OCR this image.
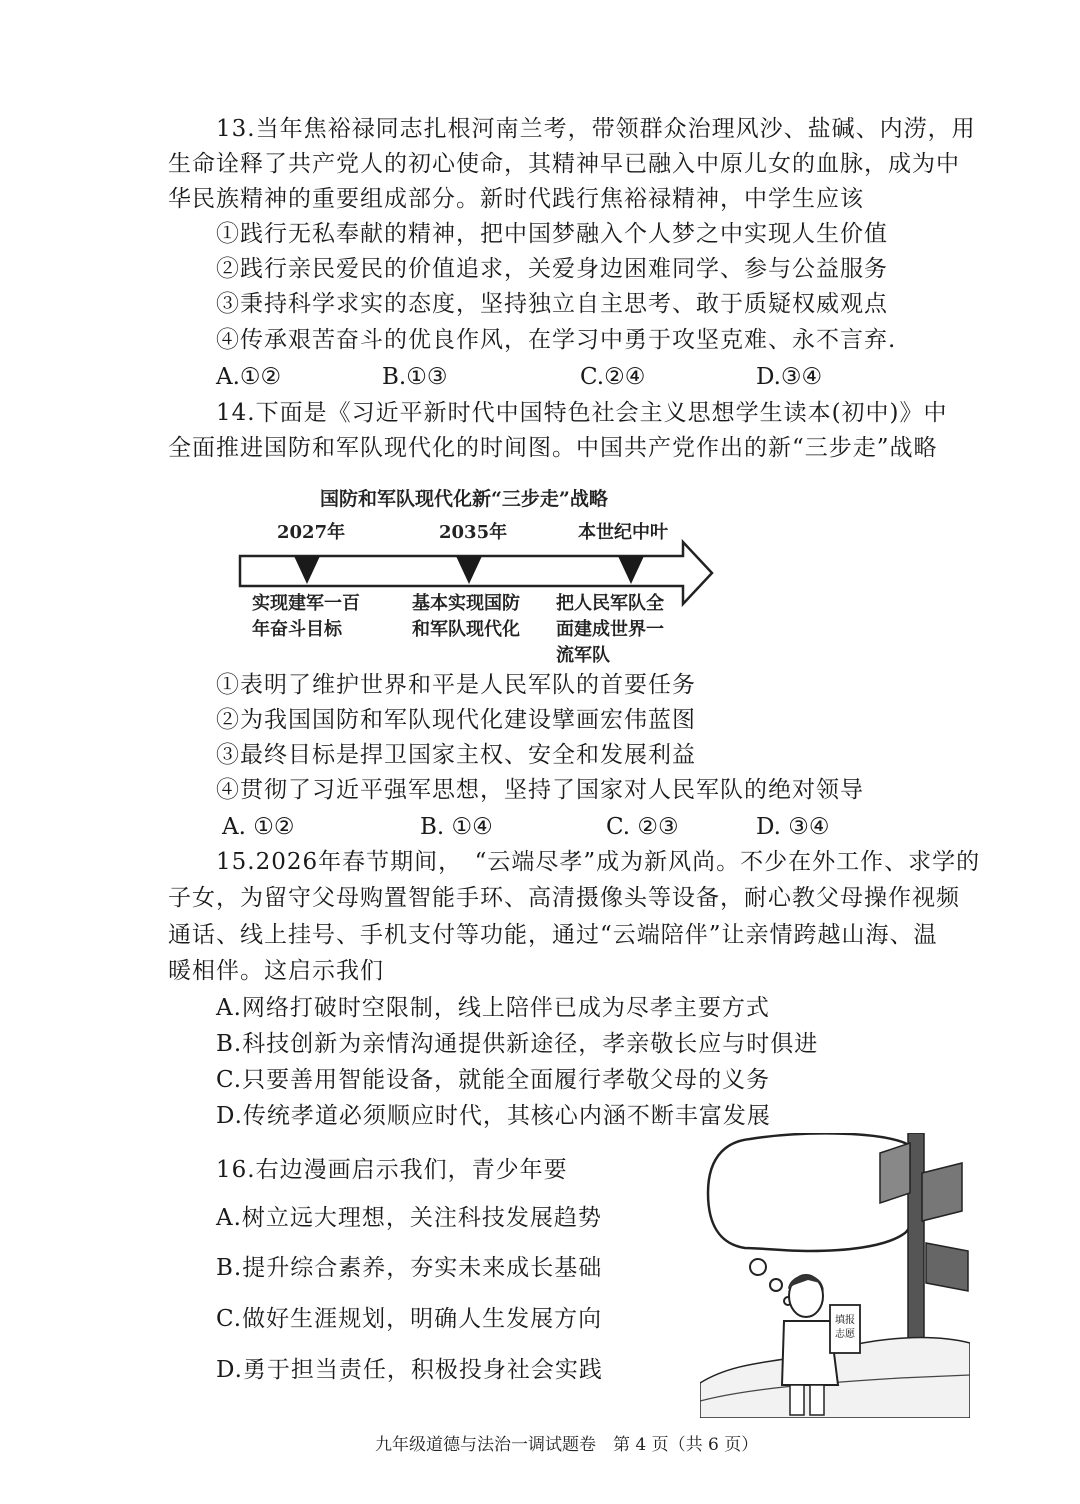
13.当年焦裕禄同志扎根河南兰考，带领群众治理风沙、盐碱、内涝，用
生命诠释了共产党人的初心使命，其精神早已融入中原儿女的血脉，成为中
华民族精神的重要组成部分。新时代践行焦裕禄精神，中学生应该
①践行无私奉献的精神，把中国梦融入个人梦之中实现人生价值
②践行亲民爱民的价值追求，关爱身边困难同学、参与公益服务
③秉持科学求实的态度，坚持独立自主思考、敢于质疑权威观点
④传承艰苦奋斗的优良作风，在学习中勇于攻坚克难、永不言弃.
A.①②	B.①③	C.②④	D.③④
14.下面是《习近平新时代中国特色社会主义思想学生读本(初中)》中
全面推进国防和军队现代化的时间图。中国共产党作出的新“三步走”战略
国防和军队现代化新“三步走”战略
2027年	2035年	本世纪中叶
实现建军一百
年奋斗目标
基本实现国防
和军队现代化
把人民军队全
面建成世界一
流军队
①表明了维护世界和平是人民军队的首要任务
②为我国国防和军队现代化建设擘画宏伟蓝图
③最终目标是捍卫国家主权、安全和发展利益
④贯彻了习近平强军思想，坚持了国家对人民军队的绝对领导
A. ①②	B. ①④	C. ②③	D. ③④
15.2026年春节期间，　“云端尽孝”成为新风尚。不少在外工作、求学的
子女，为留守父母购置智能手环、高清摄像头等设备，耐心教父母操作视频
通话、线上挂号、手机支付等功能，通过“云端陪伴”让亲情跨越山海、温
暖相伴。这启示我们
A.网络打破时空限制，线上陪伴已成为尽孝主要方式
B.科技创新为亲情沟通提供新途径，孝亲敬长应与时俱进
C.只要善用智能设备，就能全面履行孝敬父母的义务
D.传统孝道必须顺应时代，其核心内涵不断丰富发展
16.右边漫画启示我们，青少年要
A.树立远大理想，关注科技发展趋势
B.提升综合素养，夯实未来成长基础
C.做好生涯规划，明确人生发展方向
D.勇于担当责任，积极投身社会实践
填报
志愿
九年级道德与法治一调试题卷　第 4 页（共 6 页）
